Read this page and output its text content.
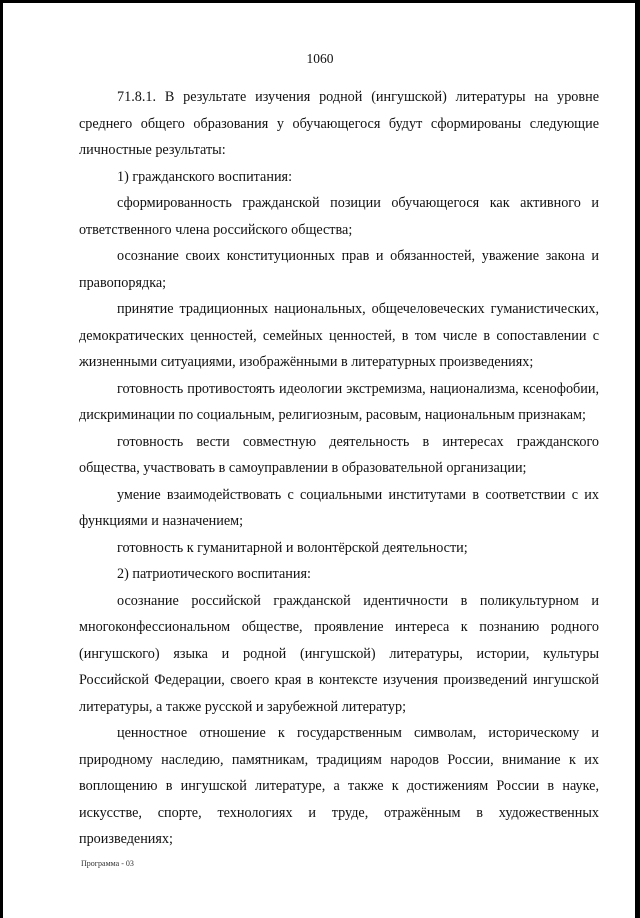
1060

71.8.1. В результате изучения родной (ингушской) литературы на уровне среднего общего образования у обучающегося будут сформированы следующие личностные результаты:

1) гражданского воспитания:

сформированность гражданской позиции обучающегося как активного и ответственного члена российского общества;

осознание своих конституционных прав и обязанностей, уважение закона и правопорядка;

принятие традиционных национальных, общечеловеческих гуманистических, демократических ценностей, семейных ценностей, в том числе в сопоставлении с жизненными ситуациями, изображёнными в литературных произведениях;

готовность противостоять идеологии экстремизма, национализма, ксенофобии, дискриминации по социальным, религиозным, расовым, национальным признакам;

готовность вести совместную деятельность в интересах гражданского общества, участвовать в самоуправлении в образовательной организации;

умение взаимодействовать с социальными институтами в соответствии с их функциями и назначением;

готовность к гуманитарной и волонтёрской деятельности;

2) патриотического воспитания:

осознание российской гражданской идентичности в поликультурном и многоконфессиональном обществе, проявление интереса к познанию родного (ингушского) языка и родной (ингушской) литературы, истории, культуры Российской Федерации, своего края в контексте изучения произведений ингушской литературы, а также русской и зарубежной литератур;

ценностное отношение к государственным символам, историческому и природному наследию, памятникам, традициям народов России, внимание к их воплощению в ингушской литературе, а также к достижениям России в науке, искусстве, спорте, технологиях и труде, отражённым в художественных произведениях;

Программа - 03
